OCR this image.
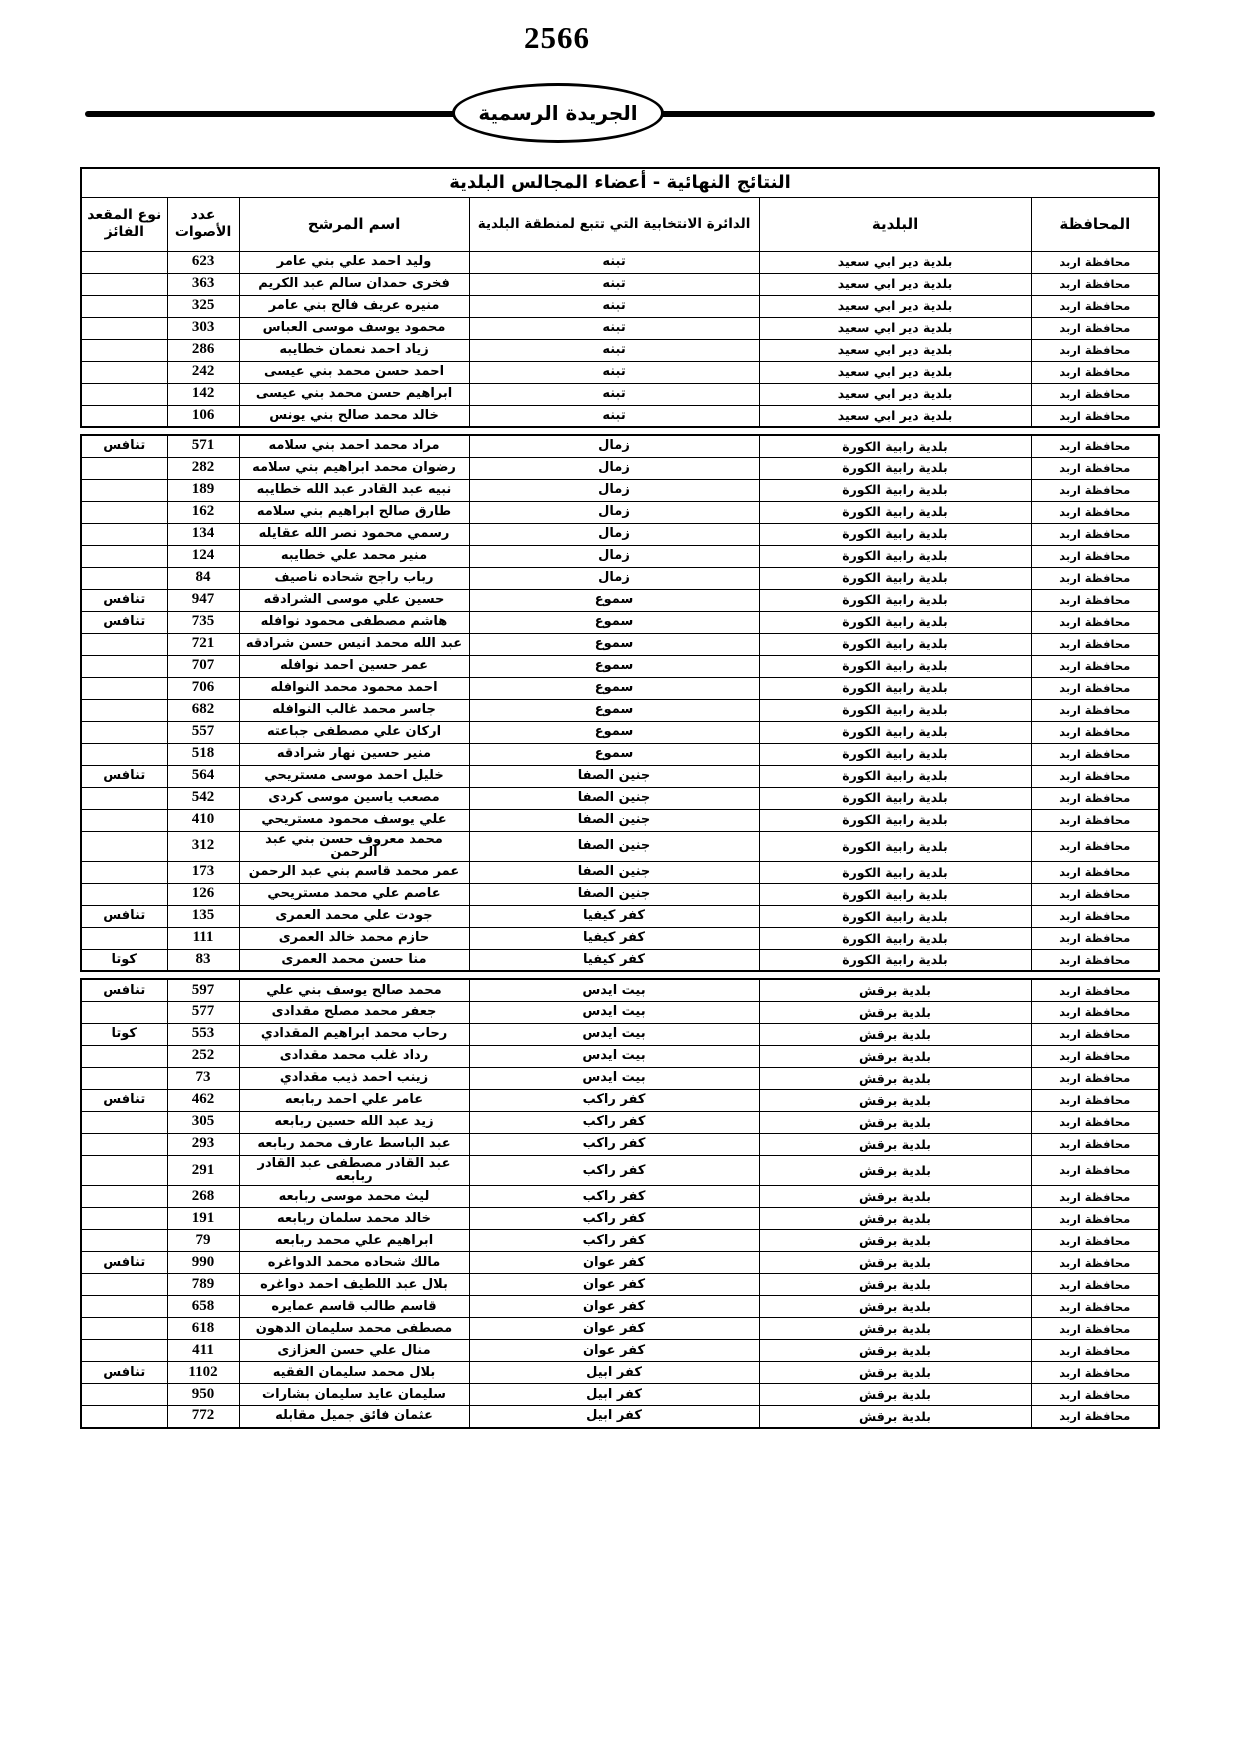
2566
الجريدة الرسمية
النتائج النهائية - أعضاء المجالس البلدية					
المحافظة	البلدية	الدائرة الانتخابية التي تتبع لمنطقة البلدية	اسم المرشح	عدد الأصوات	نوع المقعد الفائز
محافظة اربد	بلدية دير ابي سعيد	تبنه	وليد احمد علي بني عامر	623	
محافظة اربد	بلدية دير ابي سعيد	تبنه	فخرى حمدان سالم عبد الكريم	363	
محافظة اربد	بلدية دير ابي سعيد	تبنه	منيره عريف فالح بني عامر	325	
محافظة اربد	بلدية دير ابي سعيد	تبنه	محمود يوسف موسى العباس	303	
محافظة اربد	بلدية دير ابي سعيد	تبنه	زياد احمد نعمان خطايبه	286	
محافظة اربد	بلدية دير ابي سعيد	تبنه	احمد حسن محمد بني عيسى	242	
محافظة اربد	بلدية دير ابي سعيد	تبنه	ابراهيم حسن محمد بني عيسى	142	
محافظة اربد	بلدية دير ابي سعيد	تبنه	خالد محمد صالح بني يونس	106	
محافظة اربد	بلدية رابية الكورة	زمال	مراد محمد احمد بني سلامه	571	تنافس
محافظة اربد	بلدية رابية الكورة	زمال	رضوان محمد ابراهيم بني سلامه	282	
محافظة اربد	بلدية رابية الكورة	زمال	نبيه عبد القادر عبد الله خطايبه	189	
محافظة اربد	بلدية رابية الكورة	زمال	طارق صالح ابراهيم بني سلامه	162	
محافظة اربد	بلدية رابية الكورة	زمال	رسمي محمود نصر الله عقايله	134	
محافظة اربد	بلدية رابية الكورة	زمال	منير محمد علي خطايبه	124	
محافظة اربد	بلدية رابية الكورة	زمال	رباب راجح شحاده ناصيف	84	
محافظة اربد	بلدية رابية الكورة	سموع	حسين علي موسى الشرادقه	947	تنافس
محافظة اربد	بلدية رابية الكورة	سموع	هاشم مصطفى محمود نوافله	735	تنافس
محافظة اربد	بلدية رابية الكورة	سموع	عبد الله محمد انيس حسن شرادقه	721	
محافظة اربد	بلدية رابية الكورة	سموع	عمر حسين احمد نوافله	707	
محافظة اربد	بلدية رابية الكورة	سموع	احمد محمود محمد النوافله	706	
محافظة اربد	بلدية رابية الكورة	سموع	جاسر محمد غالب النوافله	682	
محافظة اربد	بلدية رابية الكورة	سموع	اركان علي مصطفى جباعته	557	
محافظة اربد	بلدية رابية الكورة	سموع	منير حسين نهار شرادقه	518	
محافظة اربد	بلدية رابية الكورة	جنين الصفا	خليل احمد موسى مستريحي	564	تنافس
محافظة اربد	بلدية رابية الكورة	جنين الصفا	مصعب ياسين موسى كردى	542	
محافظة اربد	بلدية رابية الكورة	جنين الصفا	علي يوسف محمود مستريحي	410	
محافظة اربد	بلدية رابية الكورة	جنين الصفا	محمد معروف حسن بني عبد الرحمن	312	
محافظة اربد	بلدية رابية الكورة	جنين الصفا	عمر محمد قاسم بني عبد الرحمن	173	
محافظة اربد	بلدية رابية الكورة	جنين الصفا	عاصم علي محمد مستريحي	126	
محافظة اربد	بلدية رابية الكورة	كفر كيفيا	جودت علي محمد العمرى	135	تنافس
محافظة اربد	بلدية رابية الكورة	كفر كيفيا	حازم محمد خالد العمرى	111	
محافظة اربد	بلدية رابية الكورة	كفر كيفيا	منا حسن محمد العمرى	83	كوتا
محافظة اربد	بلدية برقش	بيت ايدس	محمد صالح يوسف بني علي	597	تنافس
محافظة اربد	بلدية برقش	بيت ايدس	جعفر محمد مصلح مقدادى	577	
محافظة اربد	بلدية برقش	بيت ايدس	رحاب محمد ابراهيم المقدادي	553	كوتا
محافظة اربد	بلدية برقش	بيت ايدس	رداد غلب محمد مقدادى	252	
محافظة اربد	بلدية برقش	بيت ايدس	زينب احمد ذيب مقدادي	73	
محافظة اربد	بلدية برقش	كفر راكب	عامر علي احمد ربابعه	462	تنافس
محافظة اربد	بلدية برقش	كفر راكب	زيد عبد الله حسين ربابعه	305	
محافظة اربد	بلدية برقش	كفر راكب	عبد الباسط عارف محمد ربابعه	293	
محافظة اربد	بلدية برقش	كفر راكب	عبد القادر مصطفى عبد القادر ربابعه	291	
محافظة اربد	بلدية برقش	كفر راكب	ليث محمد موسى ربابعه	268	
محافظة اربد	بلدية برقش	كفر راكب	خالد محمد سلمان ربابعه	191	
محافظة اربد	بلدية برقش	كفر راكب	ابراهيم علي محمد ربابعه	79	
محافظة اربد	بلدية برقش	كفر عوان	مالك شحاده محمد الدواغره	990	تنافس
محافظة اربد	بلدية برقش	كفر عوان	بلال عبد اللطيف احمد دواغره	789	
محافظة اربد	بلدية برقش	كفر عوان	قاسم طالب قاسم عمايره	658	
محافظة اربد	بلدية برقش	كفر عوان	مصطفى محمد سليمان الدهون	618	
محافظة اربد	بلدية برقش	كفر عوان	منال علي حسن العزازى	411	
محافظة اربد	بلدية برقش	كفر ابيل	بلال محمد سليمان الفقيه	1102	تنافس
محافظة اربد	بلدية برقش	كفر ابيل	سليمان عايد سليمان بشارات	950	
محافظة اربد	بلدية برقش	كفر ابيل	عثمان فائق جميل مقابله	772	
